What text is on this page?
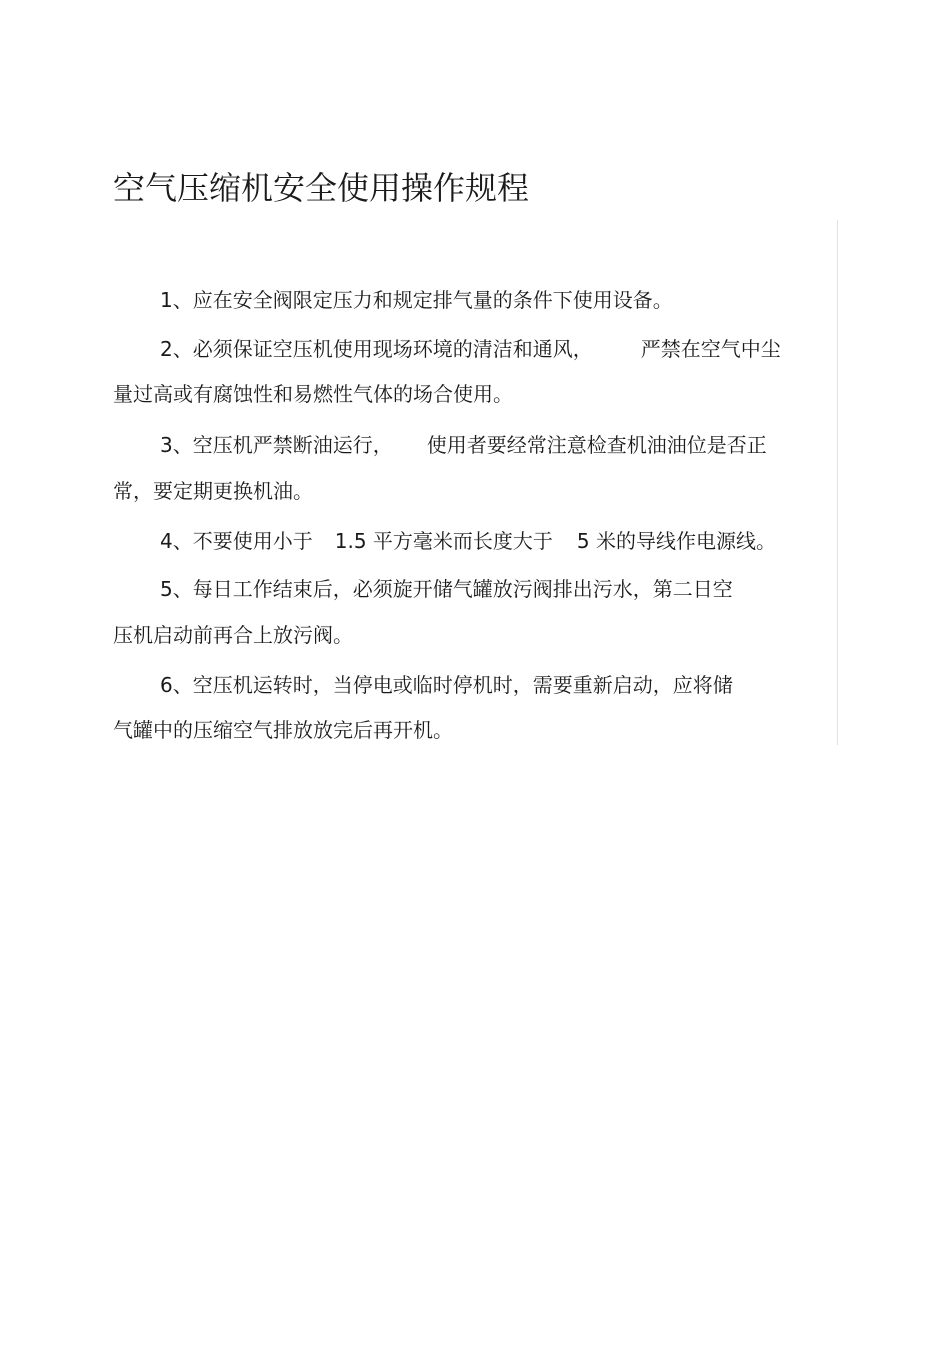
空气压缩机安全使用操作规程
1、应在安全阀限定压力和规定排气量的条件下使用设备。
2、必须保证空压机使用现场环境的清洁和通风， 严禁在空气中尘
量过高或有腐蚀性和易燃性气体的场合使用。
3、空压机严禁断油运行， 使用者要经常注意检查机油油位是否正
常，要定期更换机油。
4、不要使用小于 1.5 平方毫米而长度大于 5 米的导线作电源线。
5、每日工作结束后，必须旋开储气罐放污阀排出污水，第二日空
压机启动前再合上放污阀。
6、空压机运转时，当停电或临时停机时，需要重新启动，应将储
气罐中的压缩空气排放放完后再开机。
